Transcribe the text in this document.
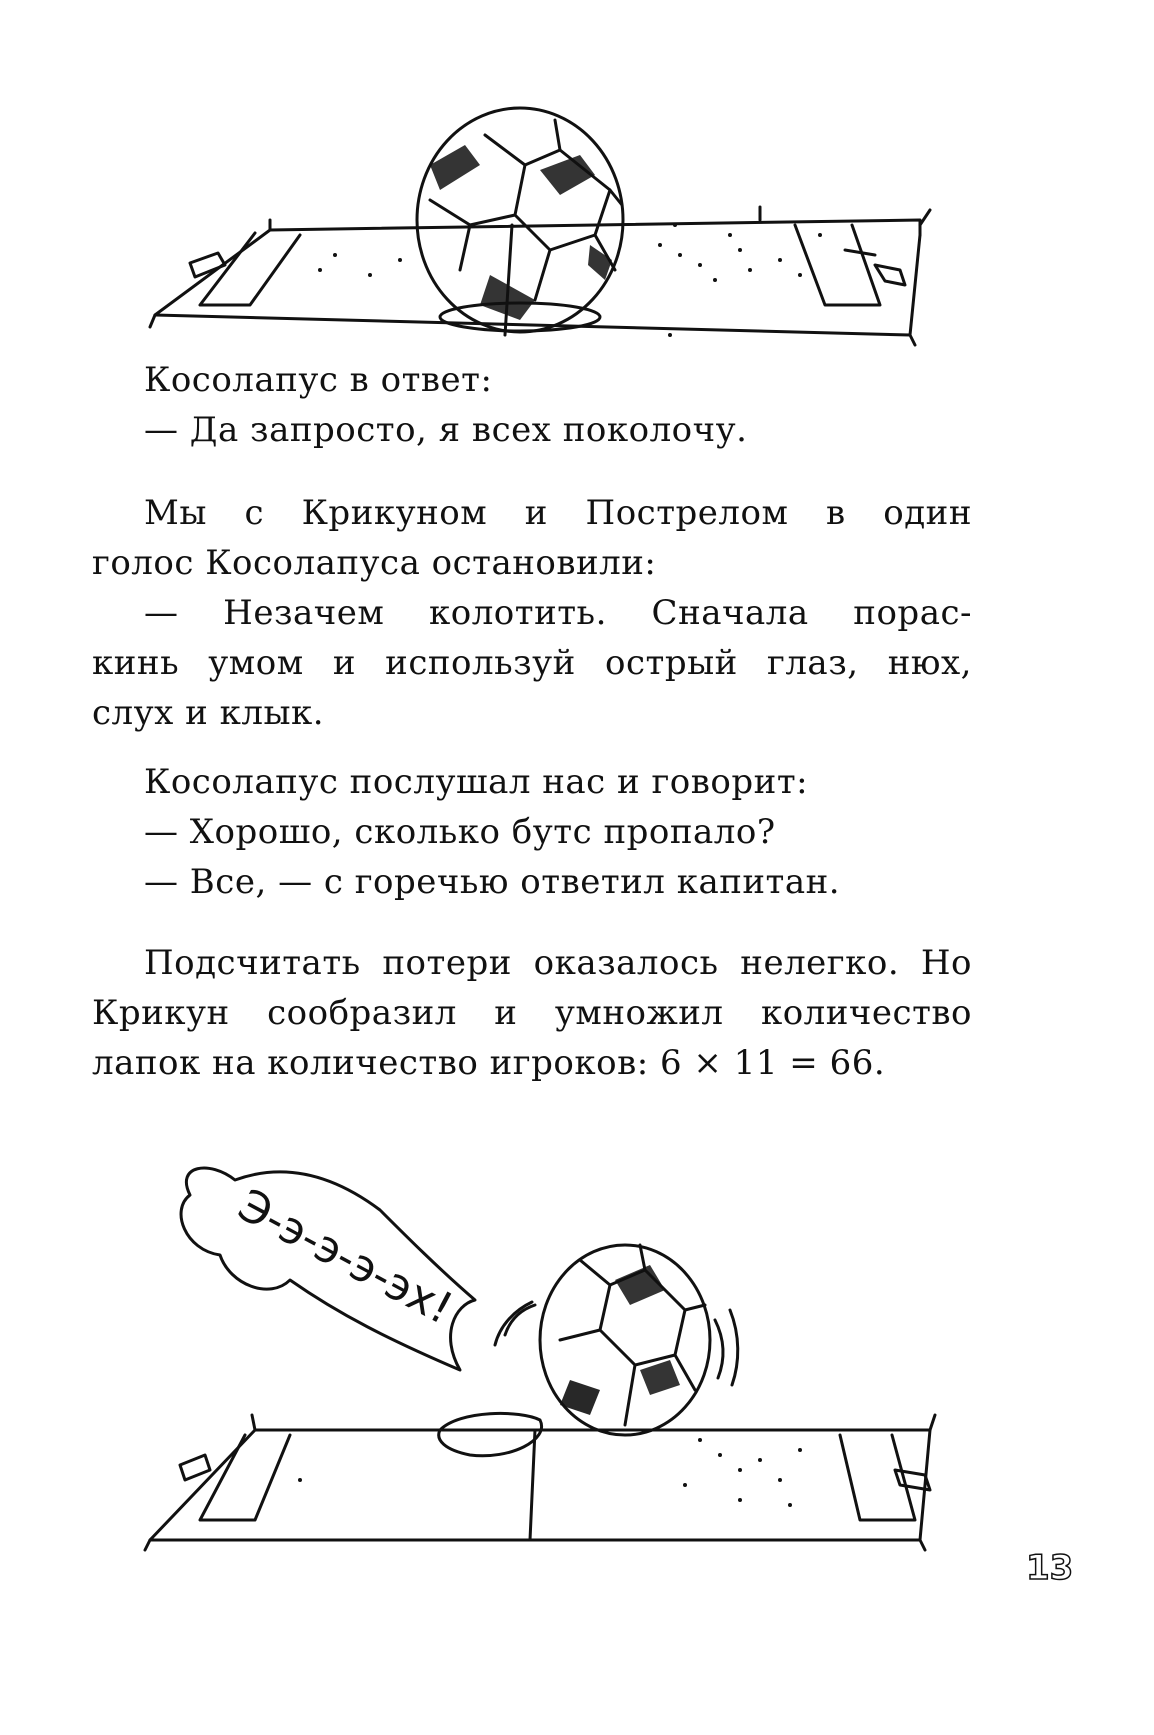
Косолапус в ответ:
— Да запросто, я всех поколочу.
Мы с Крикуном и Пострелом в один
голос Косолапуса остановили:
— Незачем колотить. Сначала порас-
кинь умом и используй острый глаз, нюх,
слух и клык.
Косолапус послушал нас и говорит:
— Хорошо, сколько бутс пропало?
— Все, — с горечью ответил капитан.
Подсчитать потери оказалось нелегко. Но
Крикун сообразил и умножил количество
лапок на количество игроков: 6 × 11 = 66.
Э-э-э-э-эх!
13
